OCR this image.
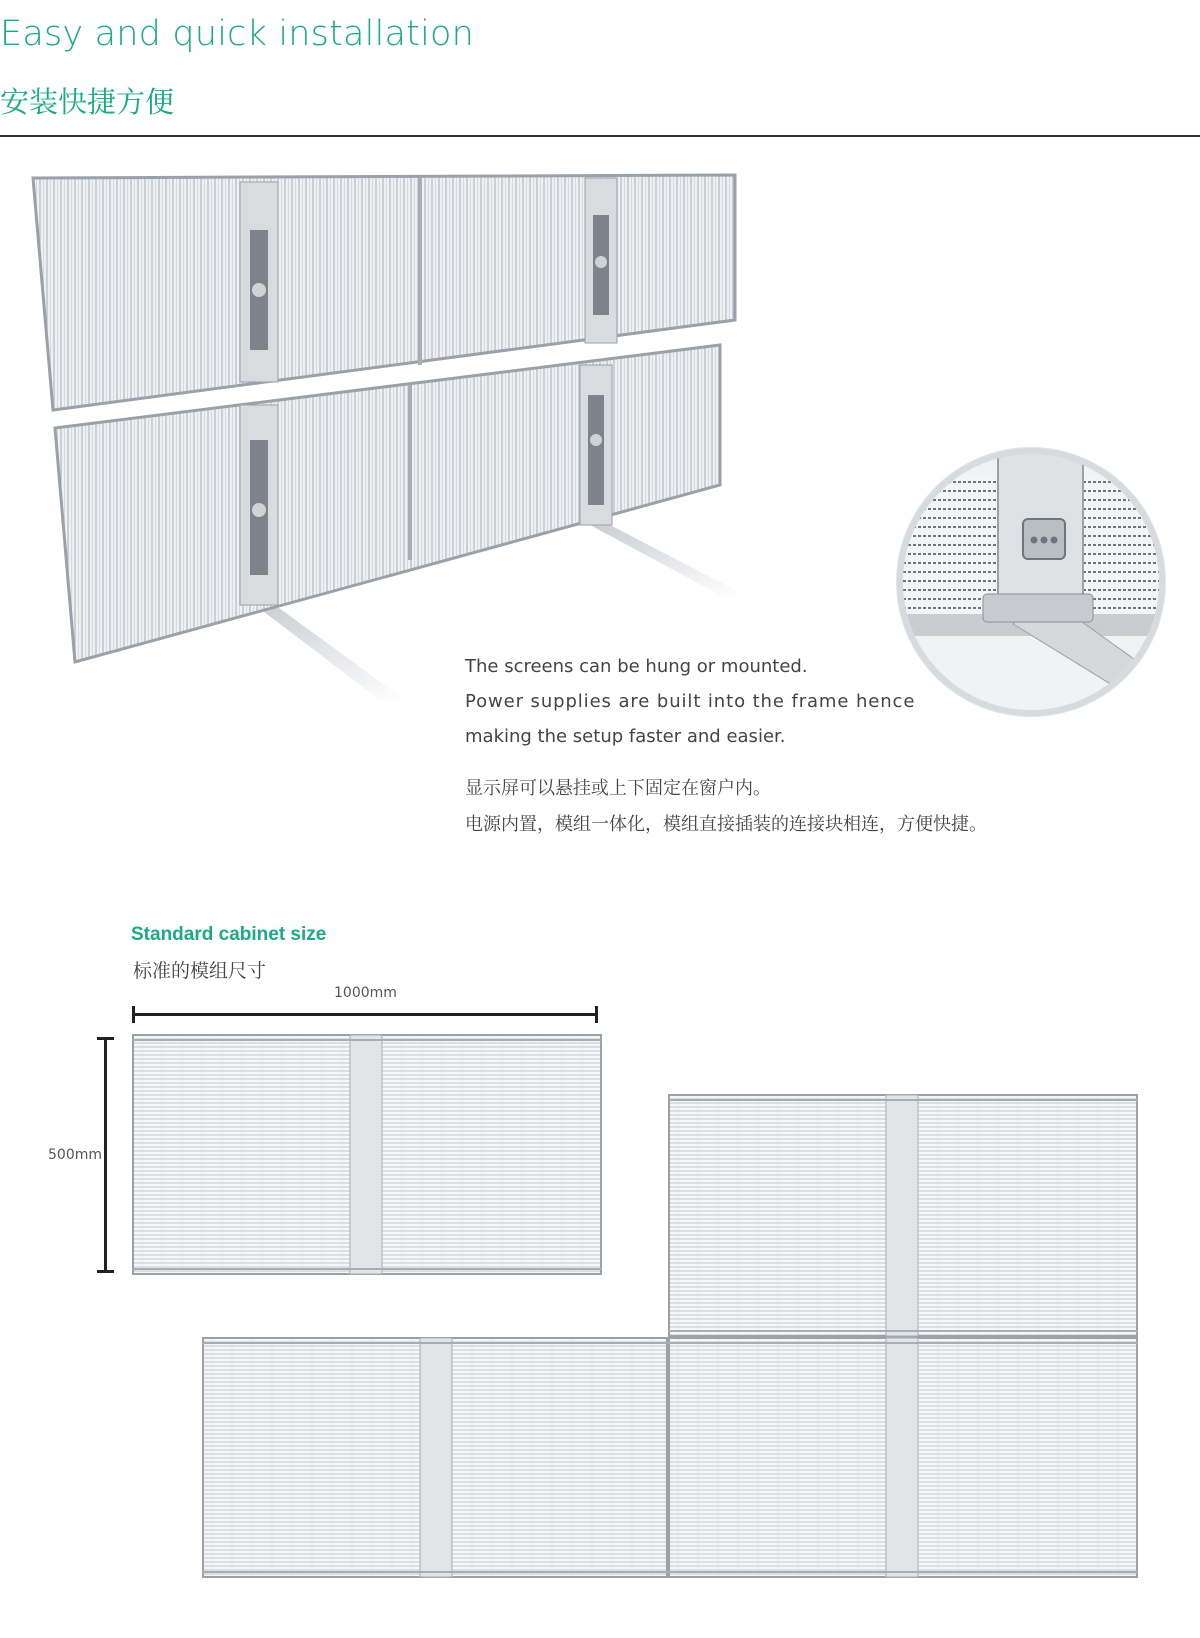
Easy and quick installation
安装快捷方便
The screens can be hung or mounted.
Power supplies are built into the frame hence
making the setup faster and easier.
显示屏可以悬挂或上下固定在窗户内。
电源内置，模组一体化，模组直接插装的连接块相连，方便快捷。
Standard cabinet size
标准的模组尺寸
1000mm
500mm
